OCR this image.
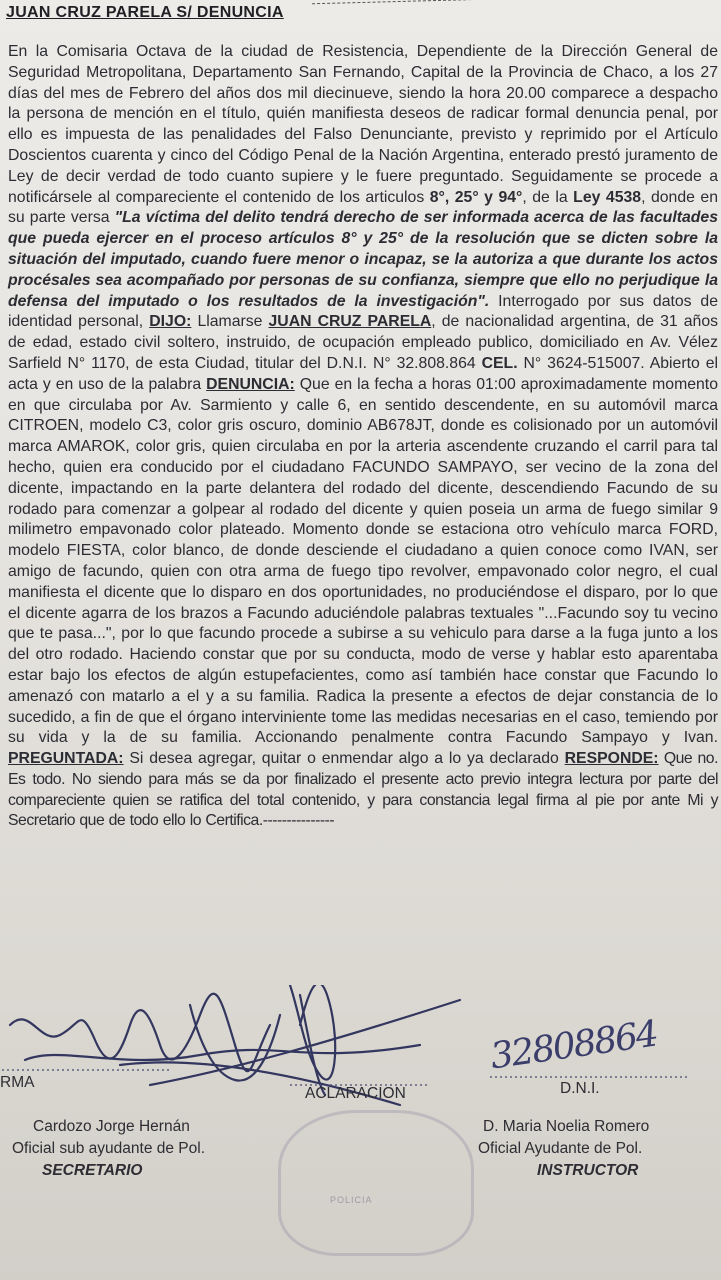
JUAN CRUZ PARELA S/ DENUNCIA

En la Comisaria Octava de la ciudad de Resistencia, Dependiente de la Dirección General de Seguridad Metropolitana, Departamento San Fernando, Capital de la Provincia de Chaco, a los 27 días del mes de Febrero del años dos mil diecinueve, siendo la hora 20.00 comparece a despacho la persona de mención en el título, quién manifiesta deseos de radicar formal denuncia penal, por ello es impuesta de las penalidades del Falso Denunciante, previsto y reprimido por el Artículo Doscientos cuarenta y cinco del Código Penal de la Nación Argentina, enterado prestó juramento de Ley de decir verdad de todo cuanto supiere y le fuere preguntado. Seguidamente se procede a notificársele al compareciente el contenido de los articulos 8°, 25° y 94°, de la Ley 4538, donde en su parte versa "La víctima del delito tendrá derecho de ser informada acerca de las facultades que pueda ejercer en el proceso artículos 8° y 25° de la resolución que se dicten sobre la situación del imputado, cuando fuere menor o incapaz, se la autoriza a que durante los actos procésales sea acompañado por personas de su confianza, siempre que ello no perjudique la defensa del imputado o los resultados de la investigación". Interrogado por sus datos de identidad personal, DIJO: Llamarse JUAN CRUZ PARELA, de nacionalidad argentina, de 31 años de edad, estado civil soltero, instruido, de ocupación empleado publico, domiciliado en Av. Vélez Sarfield N° 1170, de esta Ciudad, titular del D.N.I. N° 32.808.864 CEL. N° 3624-515007. Abierto el acta y en uso de la palabra DENUNCIA: Que en la fecha a horas 01:00 aproximadamente momento en que circulaba por Av. Sarmiento y calle 6, en sentido descendente, en su automóvil marca CITROEN, modelo C3, color gris oscuro, dominio AB678JT, donde es colisionado por un automóvil marca AMAROK, color gris, quien circulaba en por la arteria ascendente cruzando el carril para tal hecho, quien era conducido por el ciudadano FACUNDO SAMPAYO, ser vecino de la zona del dicente, impactando en la parte delantera del rodado del dicente, descendiendo Facundo de su rodado para comenzar a golpear al rodado del dicente y quien poseia un arma de fuego similar 9 milimetro empavonado color plateado. Momento donde se estaciona otro vehículo marca FORD, modelo FIESTA, color blanco, de donde desciende el ciudadano a quien conoce como IVAN, ser amigo de facundo, quien con otra arma de fuego tipo revolver, empavonado color negro, el cual manifiesta el dicente que lo disparo en dos oportunidades, no produciéndose el disparo, por lo que el dicente agarra de los brazos a Facundo aduciéndole palabras textuales "...Facundo soy tu vecino que te pasa...", por lo que facundo procede a subirse a su vehiculo para darse a la fuga junto a los del otro rodado. Haciendo constar que por su conducta, modo de verse y hablar esto aparentaba estar bajo los efectos de algún estupefacientes, como así también hace constar que Facundo lo amenazó con matarlo a el y a su familia. Radica la presente a efectos de dejar constancia de lo sucedido, a fin de que el órgano interviniente tome las medidas necesarias en el caso, temiendo por su vida y la de su familia. Accionando penalmente contra Facundo Sampayo y Ivan. PREGUNTADA: Si desea agregar, quitar o enmendar algo a lo ya declarado RESPONDE: Que no. Es todo. No siendo para más se da por finalizado el presente acto previo integra lectura por parte del compareciente quien se ratifica del total contenido, y para constancia legal firma al pie por ante Mi y Secretario que de todo ello lo Certifica.---------------

POLICIA
RMA
ACLARACION
32808864
D.N.I.
Cardozo Jorge Hernán
Oficial sub ayudante de Pol.
SECRETARIO
D. Maria Noelia Romero
Oficial Ayudante de Pol.
INSTRUCTOR
